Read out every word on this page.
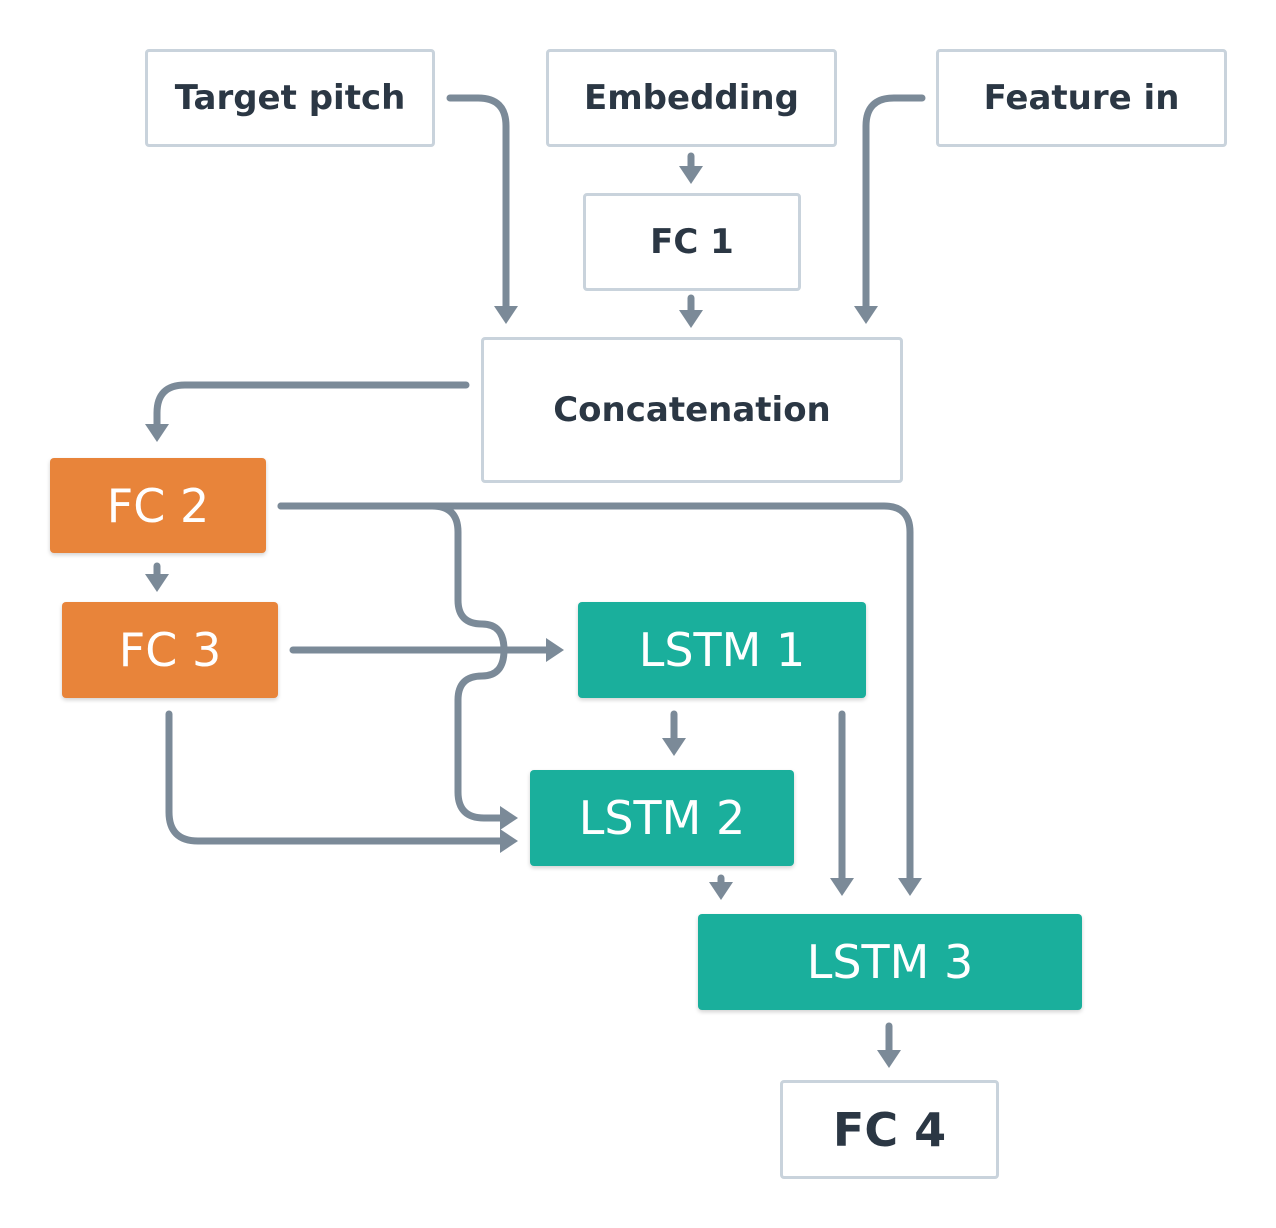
Target pitch	Embedding	Feature in
FC 1
Concatenation
FC 2
FC 3	LSTM 1
LSTM 2
LSTM 3
FC 4
